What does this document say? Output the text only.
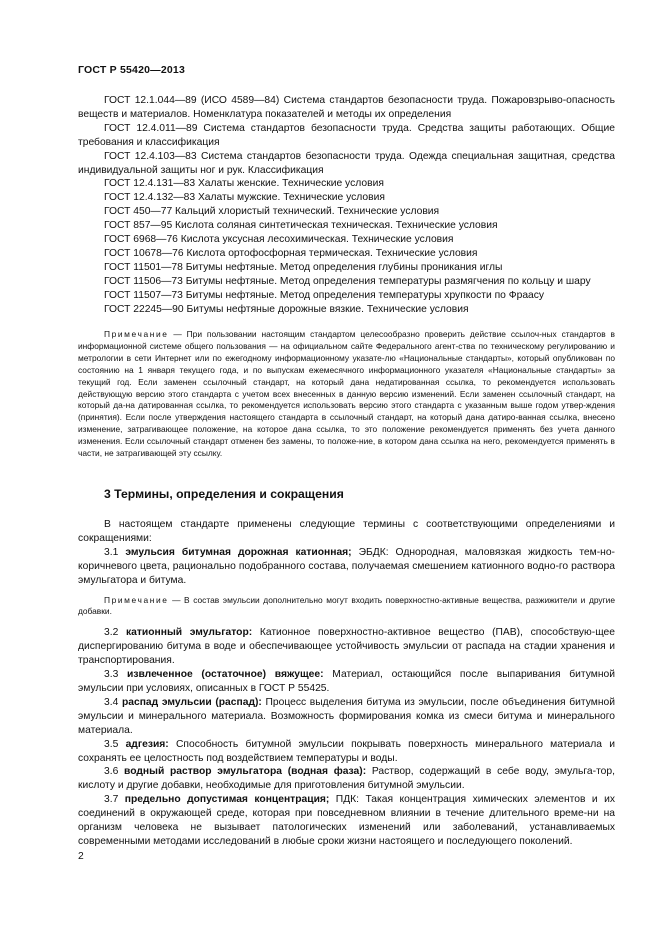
ГОСТ Р 55420—2013

ГОСТ 12.1.044—89 (ИСО 4589—84) Система стандартов безопасности труда. Пожаровзрыво-опасность веществ и материалов. Номенклатура показателей и методы их определения

ГОСТ 12.4.011—89 Система стандартов безопасности труда. Средства защиты работающих. Общие требования и классификация

ГОСТ 12.4.103—83 Система стандартов безопасности труда. Одежда специальная защитная, средства индивидуальной защиты ног и рук. Классификация

ГОСТ 12.4.131—83 Халаты женские. Технические условия

ГОСТ 12.4.132—83 Халаты мужские. Технические условия

ГОСТ 450—77 Кальций хлористый технический. Технические условия

ГОСТ 857—95 Кислота соляная синтетическая техническая. Технические условия

ГОСТ 6968—76 Кислота уксусная лесохимическая. Технические условия

ГОСТ 10678—76 Кислота ортофосфорная термическая. Технические условия

ГОСТ 11501—78 Битумы нефтяные. Метод определения глубины проникания иглы

ГОСТ 11506—73 Битумы нефтяные. Метод определения температуры размягчения по кольцу и шару

ГОСТ 11507—73 Битумы нефтяные. Метод определения температуры хрупкости по Фраасу

ГОСТ 22245—90 Битумы нефтяные дорожные вязкие. Технические условия

Примечание — При пользовании настоящим стандартом целесообразно проверить действие ссылоч-ных стандартов в информационной системе общего пользования — на официальном сайте Федерального агент-ства по техническому регулированию и метрологии в сети Интернет или по ежегодному информационному указате-лю «Национальные стандарты», который опубликован по состоянию на 1 января текущего года, и по выпускам ежемесячного информационного указателя «Национальные стандарты» за текущий год. Если заменен ссылочный стандарт, на который дана недатированная ссылка, то рекомендуется использовать действующую версию этого стандарта с учетом всех внесенных в данную версию изменений. Если заменен ссылочный стандарт, на который да-на датированная ссылка, то рекомендуется использовать версию этого стандарта с указанным выше годом утвер-ждения (принятия). Если после утверждения настоящего стандарта в ссылочный стандарт, на который дана датиро-ванная ссылка, внесено изменение, затрагивающее положение, на которое дана ссылка, то это положение рекомендуется применять без учета данного изменения. Если ссылочный стандарт отменен без замены, то положе-ние, в котором дана ссылка на него, рекомендуется применять в части, не затрагивающей эту ссылку.

3 Термины, определения и сокращения

В настоящем стандарте применены следующие термины с соответствующими определениями и сокращениями:

3.1 эмульсия битумная дорожная катионная; ЭБДК: Однородная, маловязкая жидкость тем-но-коричневого цвета, рационально подобранного состава, получаемая смешением катионного водно-го раствора эмульгатора и битума.

Примечание — В состав эмульсии дополнительно могут входить поверхностно-активные вещества, разжижители и другие добавки.

3.2 катионный эмульгатор: Катионное поверхностно-активное вещество (ПАВ), способствую-щее диспергированию битума в воде и обеспечивающее устойчивость эмульсии от распада на стадии хранения и транспортирования.

3.3 извлеченное (остаточное) вяжущее: Материал, остающийся после выпаривания битумной эмульсии при условиях, описанных в ГОСТ Р 55425.

3.4 распад эмульсии (распад): Процесс выделения битума из эмульсии, после объединения битумной эмульсии и минерального материала. Возможность формирования комка из смеси битума и минерального материала.

3.5 адгезия: Способность битумной эмульсии покрывать поверхность минерального материала и сохранять ее целостность под воздействием температуры и воды.

3.6 водный раствор эмульгатора (водная фаза): Раствор, содержащий в себе воду, эмульга-тор, кислоту и другие добавки, необходимые для приготовления битумной эмульсии.

3.7 предельно допустимая концентрация; ПДК: Такая концентрация химических элементов и их соединений в окружающей среде, которая при повседневном влиянии в течение длительного време-ни на организм человека не вызывает патологических изменений или заболеваний, устанавливаемых современными методами исследований в любые сроки жизни настоящего и последующего поколений.

2
